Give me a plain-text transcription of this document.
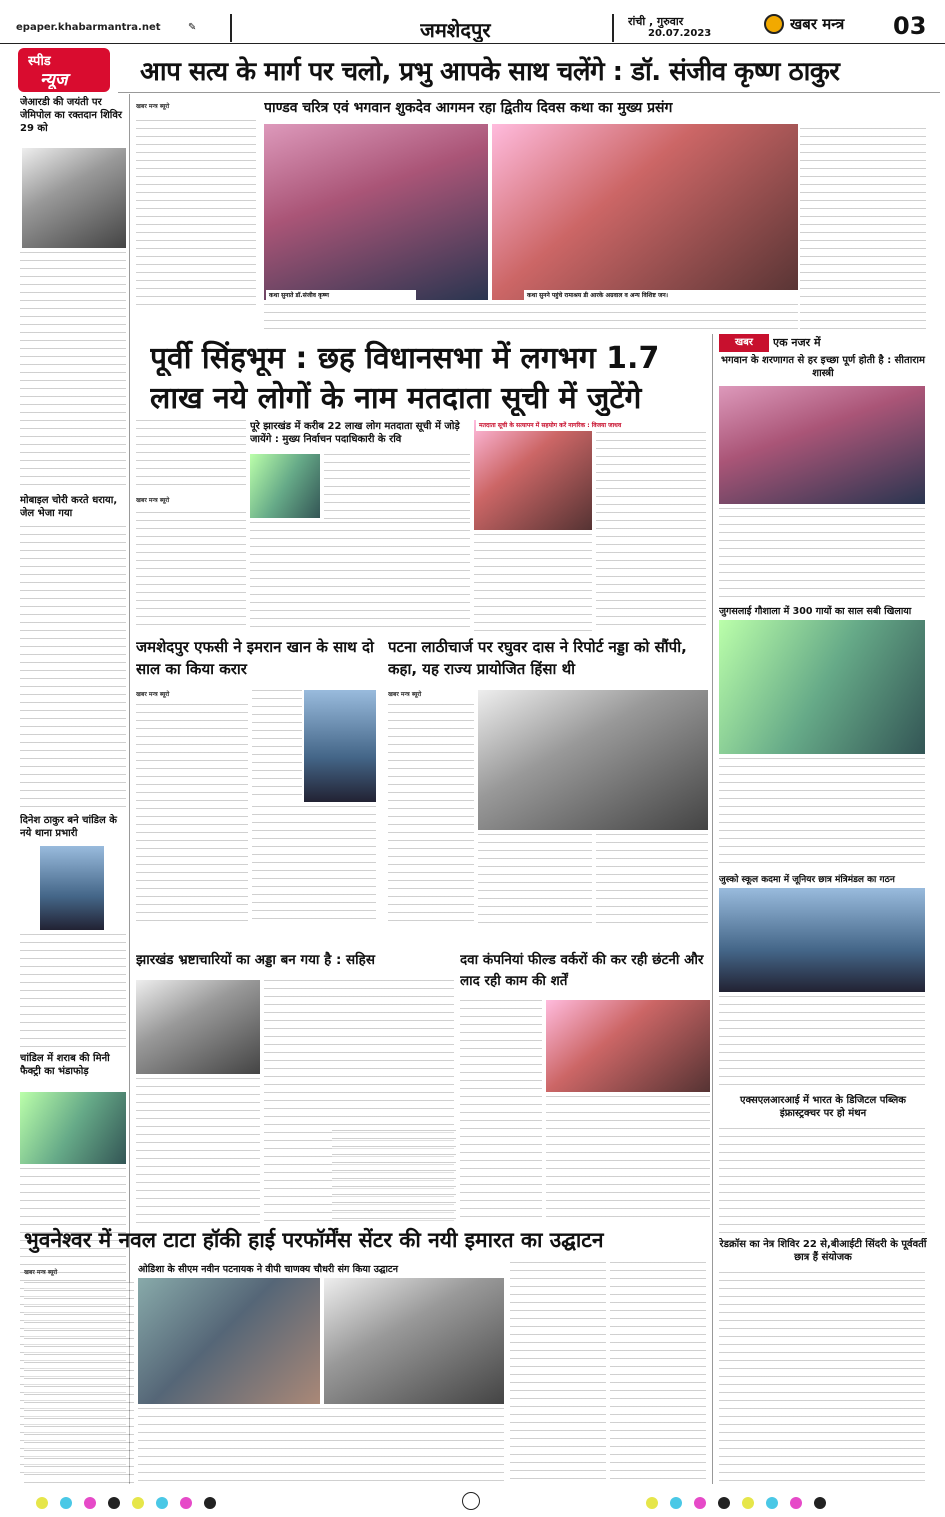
epaper.khabarmantra.net	✎	जमशेदपुर	रांची , गुरुवार
20.07.2023
खबर मन्त्र	03
स्पीड
न्यूज	आप सत्य के मार्ग पर चलो, प्रभु आपके साथ चलेंगे : डॉ. संजीव कृष्ण ठाकुर
जेआरडी की जयंती पर जेमिपोल का रक्तदान शिविर 29 को
मोबाइल चोरी करते धराया, जेल भेजा गया
दिनेश ठाकुर बने चांडिल के नये थाना प्रभारी
चांडिल में शराब की मिनी फैक्ट्री का भंडाफोड़
पाण्डव चरित्र एवं भगवान शुकदेव आगमन रहा द्वितीय दिवस कथा का मुख्य प्रसंग
खबर मन्त्र ब्यूरो
कथा सुनाते डॉ.संजीव कृष्ण	कथा सुनने पहुंचे रामाश्रय डी आरके अग्रवाल व अन्य विशिष्ट जन।
पूर्वी सिंहभूम : छह विधानसभा में लगभग 1.7
लाख नये लोगों के नाम मतदाता सूची में जुटेंगे
पूरे झारखंड में करीब 22 लाख लोग मतदाता सूची में जोड़े जायेंगे : मुख्य निर्वाचन पदाधिकारी के रवि
खबर मन्त्र ब्यूरो
मतदाता सूची के सत्यापन में सहयोग करें नागरिक : विजया जाधव
खबर	एक नजर में
भगवान के शरणागत से हर इच्छा पूर्ण होती है : सीताराम शास्त्री
जुगसलाई गौशाला में 300 गायों का साल सबी खिलाया
जुस्को स्कूल कदमा में जूनियर छात्र मंत्रिमंडल का गठन
एक्सएलआरआई में भारत के डिजिटल पब्लिक इंफ्रास्ट्रक्चर पर हो मंथन
रेडक्रॉस का नेत्र शिविर 22 से,बीआईटी सिंदरी के पूर्ववर्ती छात्र हैं संयोजक
जमशेदपुर एफसी ने इमरान खान के साथ दो साल का किया करार
खबर मन्त्र ब्यूरो
पटना लाठीचार्ज पर रघुवर दास ने रिपोर्ट नड्डा को सौंपी, कहा, यह राज्य प्रायोजित हिंसा थी
खबर मन्त्र ब्यूरो
झारखंड भ्रष्टाचारियों का अड्डा बन गया है : सहिस	दवा कंपनियां फील्ड वर्करों की कर रही छंटनी और लाद रही काम की शर्तें
भुवनेश्वर में नवल टाटा हॉकी हाई परफॉर्मेंस सेंटर की नयी इमारत का उद्घाटन
खबर मन्त्र ब्यूरो	ओडिशा के सीएम नवीन पटनायक ने वीपी चाणक्य चौधरी संग किया उद्घाटन
